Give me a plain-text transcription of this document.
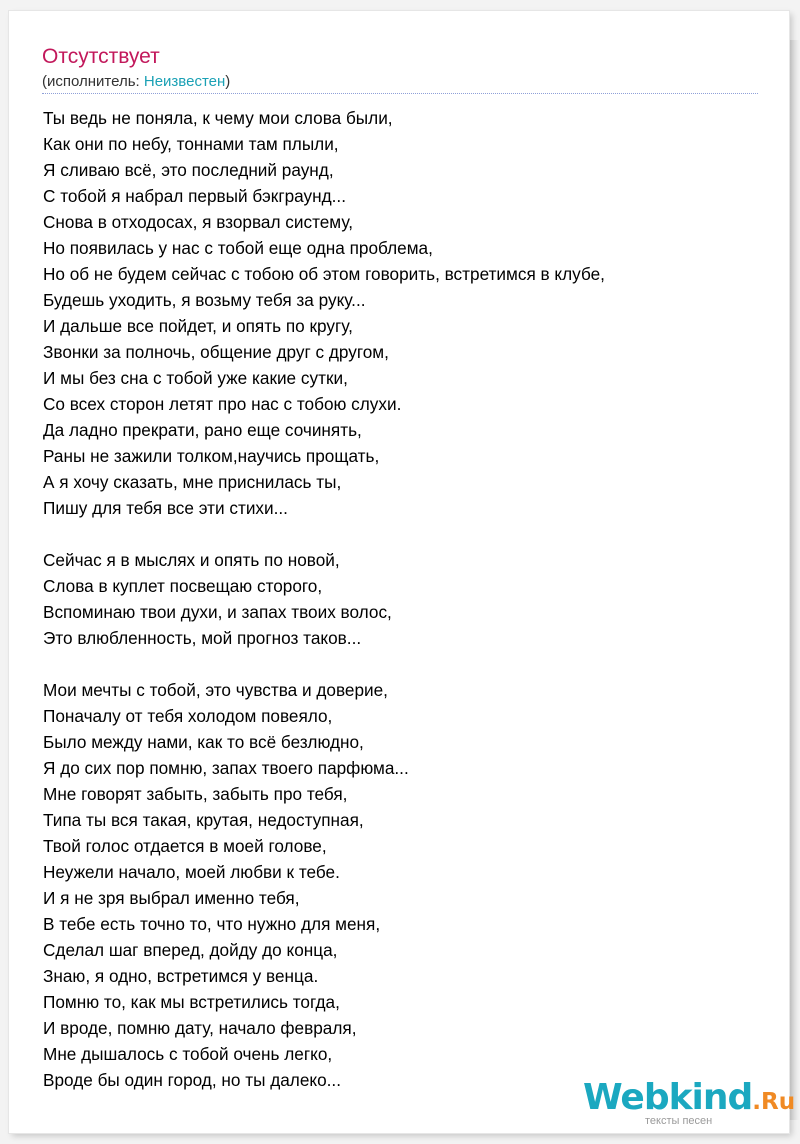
Отсутствует
(исполнитель: Неизвестен)
Ты ведь не поняла, к чему мои слова были,
Как они по небу, тоннами там плыли,
Я сливаю всё, это последний раунд,
С тобой я набрал первый бэкграунд...
Снова в отходосах, я взорвал систему,
Но появилась у нас с тобой еще одна проблема,
Но об не будем сейчас с тобою об этом говорить, встретимся в клубе,
Будешь уходить, я возьму тебя за руку...
И дальше все пойдет, и опять по кругу,
Звонки за полночь, общение друг с другом,
И мы без сна с тобой уже какие сутки,
Со всех сторон летят про нас с тобою слухи.
Да ладно прекрати, рано еще сочинять,
Раны не зажили толком,научись прощать,
А я хочу сказать, мне приснилась ты,
Пишу для тебя все эти стихи...
Сейчас я в мыслях и опять по новой,
Слова в куплет посвещаю сторого,
Вспоминаю твои духи, и запах твоих волос,
Это влюбленность, мой прогноз таков...
Мои мечты с тобой, это чувства и доверие,
Поначалу от тебя холодом повеяло,
Было между нами, как то всё безлюдно,
Я до сих пор помню, запах твоего парфюма...
Мне говорят забыть, забыть про тебя,
Типа ты вся такая, крутая, недоступная,
Твой голос отдается в моей голове,
Неужели начало, моей любви к тебе.
И я не зря выбрал именно тебя,
В тебе есть точно то, что нужно для меня,
Сделал шаг вперед, дойду до конца,
Знаю, я одно, встретимся у венца.
Помню то, как мы встретились тогда,
И вроде, помню дату, начало февраля,
Мне дышалось с тобой очень легко,
Вроде бы один город, но ты далеко...	Webkind.Ru
тексты песен
